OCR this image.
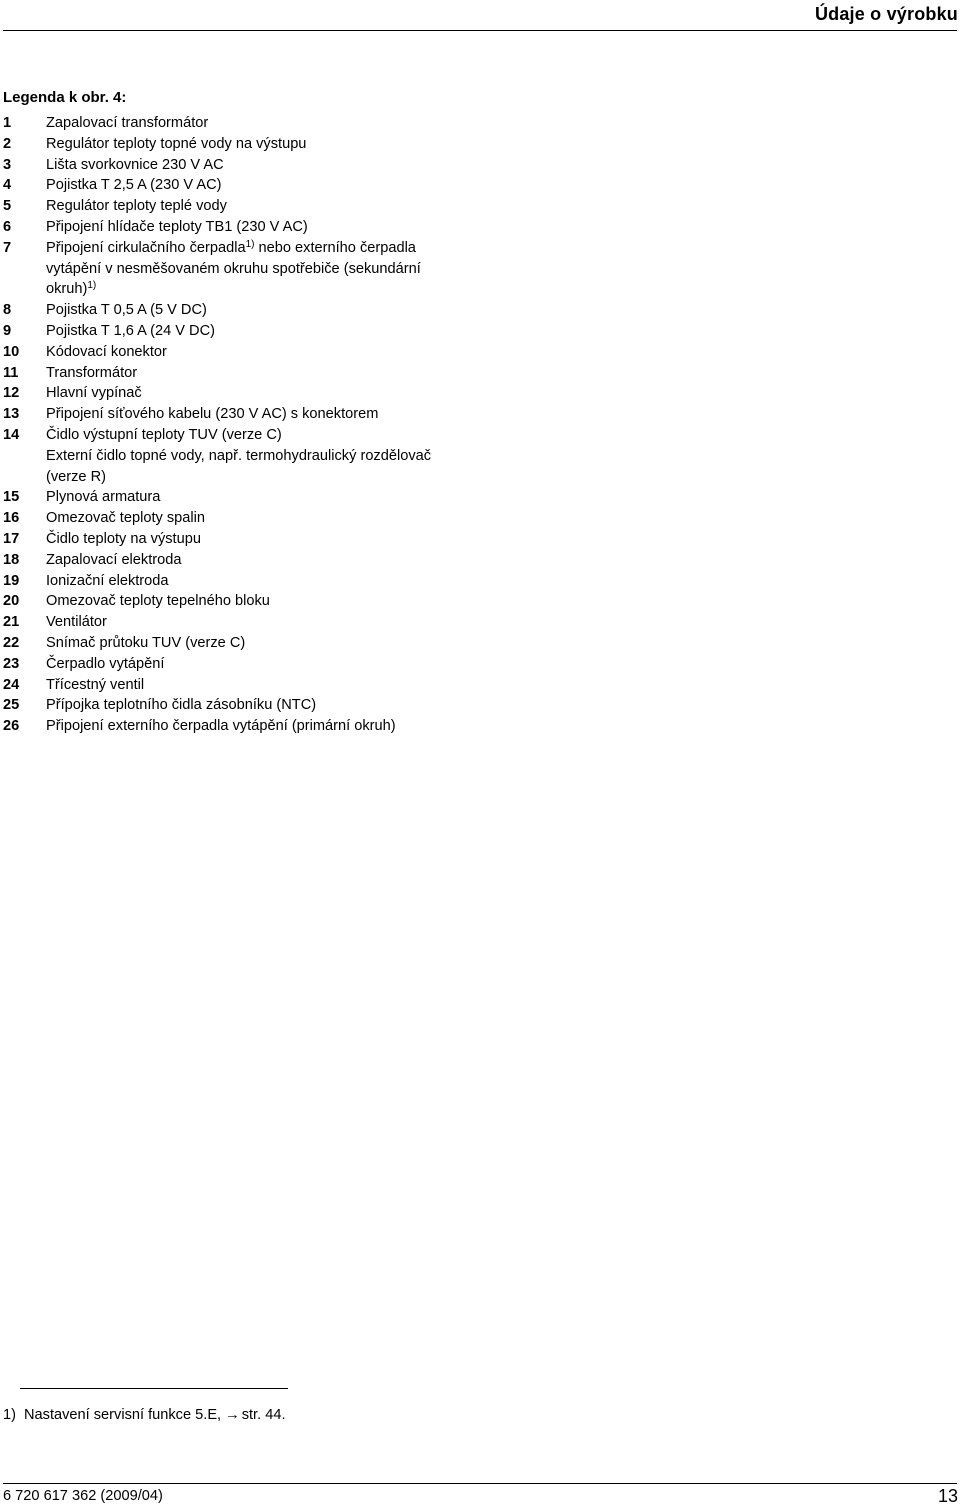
Údaje o výrobku
Legenda k obr. 4:
1	Zapalovací transformátor
2	Regulátor teploty topné vody na výstupu
3	Lišta svorkovnice 230 V AC
4	Pojistka T 2,5 A (230 V AC)
5	Regulátor teploty teplé vody
6	Připojení hlídače teploty TB1 (230 V AC)
7	Připojení cirkulačního čerpadla$^{1)}$ nebo externího čerpadla
vytápění v nesměšovaném okruhu spotřebiče (sekundární
okruh)$^{1)}$
8	Pojistka T 0,5 A (5 V DC)
9	Pojistka T 1,6 A (24 V DC)
10	Kódovací konektor
11	Transformátor
12	Hlavní vypínač
13	Připojení síťového kabelu (230 V AC) s konektorem
14	Čidlo výstupní teploty TUV (verze C)
Externí čidlo topné vody, např. termohydraulický rozdělovač
(verze R)
15	Plynová armatura
16	Omezovač teploty spalin
17	Čidlo teploty na výstupu
18	Zapalovací elektroda
19	Ionizační elektroda
20	Omezovač teploty tepelného bloku
21	Ventilátor
22	Snímač průtoku TUV (verze C)
23	Čerpadlo vytápění
24	Třícestný ventil
25	Přípojka teplotního čidla zásobníku (NTC)
26	Připojení externího čerpadla vytápění (primární okruh)
1) Nastavení servisní funkce 5.E, → str. 44.
6 720 617 362 (2009/04)	13
